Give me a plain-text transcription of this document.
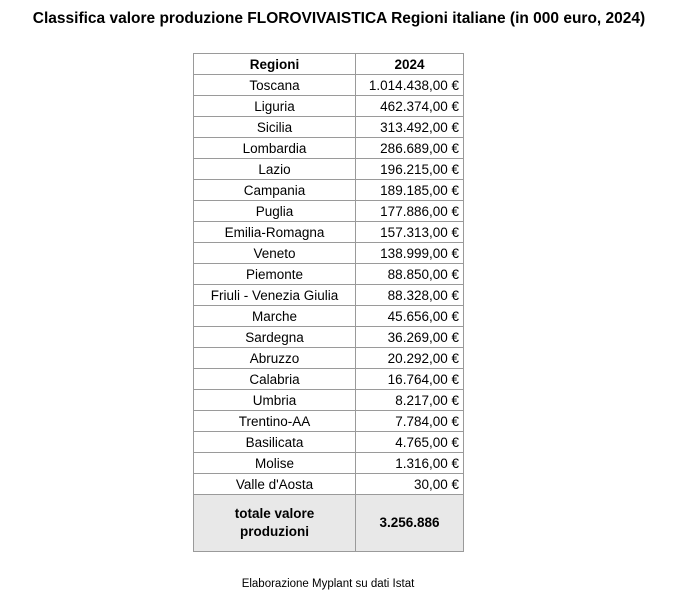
Classifica valore produzione FLOROVIVAISTICA Regioni italiane (in 000 euro, 2024)
Regioni	2024
Toscana	1.014.438,00 €
Liguria	462.374,00 €
Sicilia	313.492,00 €
Lombardia	286.689,00 €
Lazio	196.215,00 €
Campania	189.185,00 €
Puglia	177.886,00 €
Emilia-Romagna	157.313,00 €
Veneto	138.999,00 €
Piemonte	88.850,00 €
Friuli - Venezia Giulia	88.328,00 €
Marche	45.656,00 €
Sardegna	36.269,00 €
Abruzzo	20.292,00 €
Calabria	16.764,00 €
Umbria	8.217,00 €
Trentino-AA	7.784,00 €
Basilicata	4.765,00 €
Molise	1.316,00 €
Valle d'Aosta	30,00 €

totale valore
produzioni	3.256.886
Elaborazione Myplant su dati Istat
